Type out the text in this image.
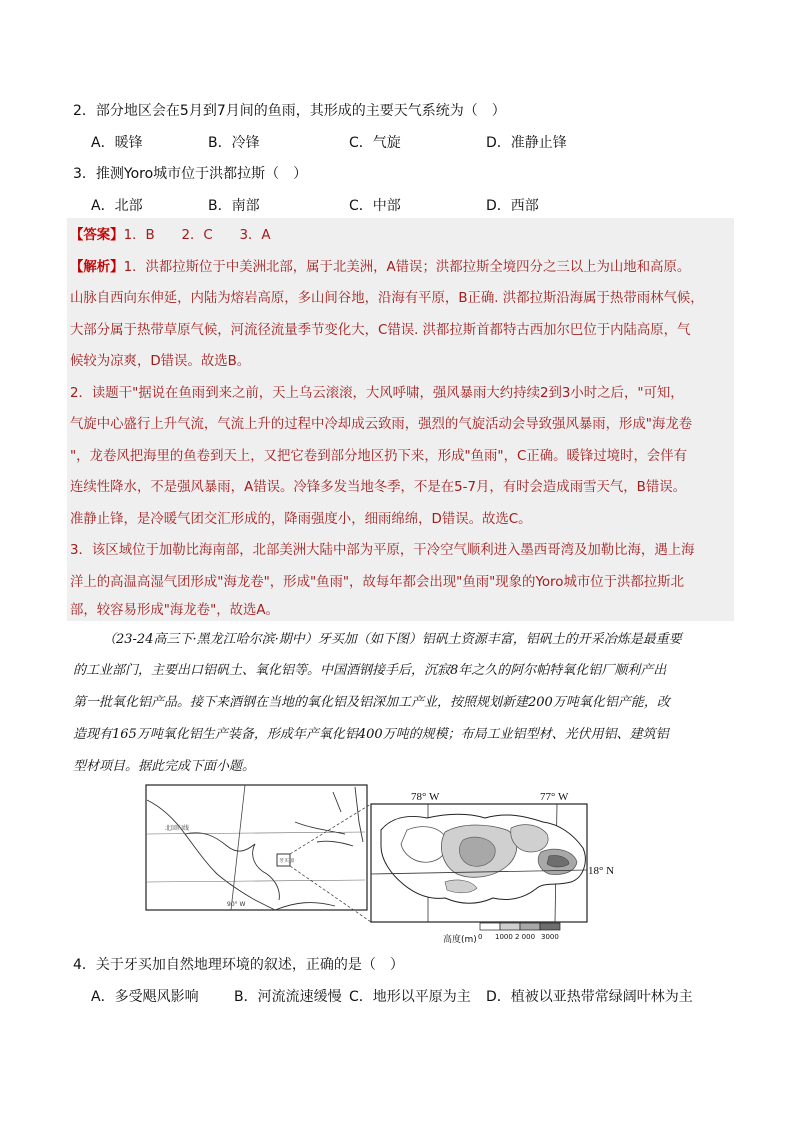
2．部分地区会在5月到7月间的鱼雨，其形成的主要天气系统为（　）
A．暖锋	B．冷锋	C．气旋	D．准静止锋
3．推测Yoro城市位于洪都拉斯（　）
A．北部	B．南部	C．中部	D．西部
【答案】1．B　　2．C　　3．A
【解析】1．洪都拉斯位于中美洲北部，属于北美洲，A错误；洪都拉斯全境四分之三以上为山地和高原。
山脉自西向东伸延，内陆为熔岩高原，多山间谷地，沿海有平原，B正确. 洪都拉斯沿海属于热带雨林气候，
大部分属于热带草原气候，河流径流量季节变化大，C错误. 洪都拉斯首都特古西加尔巴位于内陆高原，气
候较为凉爽，D错误。故选B。
2．读题干"据说在鱼雨到来之前，天上乌云滚滚，大风呼啸，强风暴雨大约持续2到3小时之后，"可知，
气旋中心盛行上升气流，气流上升的过程中冷却成云致雨，强烈的气旋活动会导致强风暴雨，形成"海龙卷
"，龙卷风把海里的鱼卷到天上，又把它卷到部分地区扔下来，形成"鱼雨"，C正确。暖锋过境时，会伴有
连续性降水，不是强风暴雨，A错误。冷锋多发当地冬季，不是在5-7月，有时会造成雨雪天气，B错误。
准静止锋，是冷暖气团交汇形成的，降雨强度小，细雨绵绵，D错误。故选C。
3．该区域位于加勒比海南部，北部美洲大陆中部为平原，干冷空气顺利进入墨西哥湾及加勒比海，遇上海
洋上的高温高湿气团形成"海龙卷"，形成"鱼雨"，故每年都会出现"鱼雨"现象的Yoro城市位于洪都拉斯北
部，较容易形成"海龙卷"，故选A。
（23-24高三下·黑龙江哈尔滨·期中）牙买加（如下图）铝矾土资源丰富，铝矾土的开采冶炼是最重要
的工业部门，主要出口铝矾土、氧化铝等。中国酒钢接手后，沉寂8年之久的阿尔帕特氧化铝厂顺利产出
第一批氧化铝产品。接下来酒钢在当地的氧化铝及铝深加工产业，按照规划新建200万吨氧化铝产能，改
造现有165万吨氧化铝生产装备，形成年产氧化铝400万吨的规模；布局工业铝型材、光伏用铝、建筑铝
型材项目。据此完成下面小题。
北回归线
牙买加
90° W
78° W	77° W
18° N
高度(m) 0 1000 2 000 3000
4．关于牙买加自然地理环境的叙述，正确的是（　）
A．多受飓风影响	B．河流流速缓慢 C．地形以平原为主 D．植被以亚热带常绿阔叶林为主
